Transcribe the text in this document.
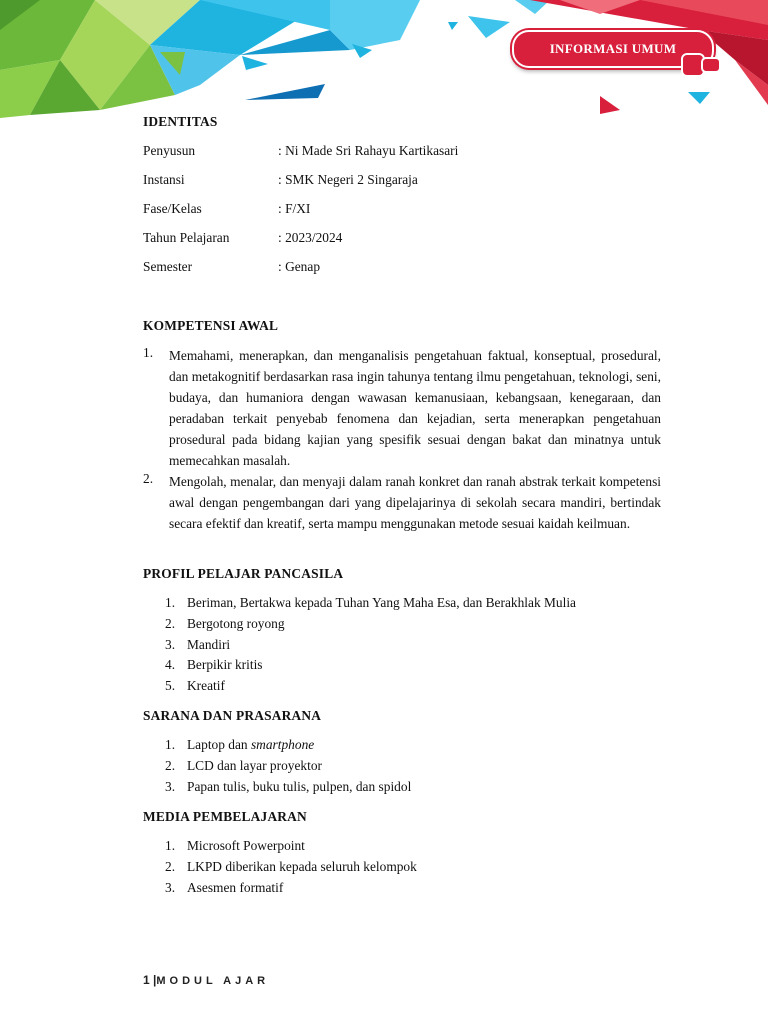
INFORMASI UMUM
IDENTITAS
Penyusun	: Ni Made Sri Rahayu Kartikasari
Instansi	: SMK Negeri 2 Singaraja
Fase/Kelas	: F/XI
Tahun Pelajaran	: 2023/2024
Semester	: Genap
KOMPETENSI AWAL
1. Memahami, menerapkan, dan menganalisis pengetahuan faktual, konseptual, prosedural, dan metakognitif berdasarkan rasa ingin tahunya tentang ilmu pengetahuan, teknologi, seni, budaya, dan humaniora dengan wawasan kemanusiaan, kebangsaan, kenegaraan, dan peradaban terkait penyebab fenomena dan kejadian, serta menerapkan pengetahuan prosedural pada bidang kajian yang spesifik sesuai dengan bakat dan minatnya untuk memecahkan masalah.
2. Mengolah, menalar, dan menyaji dalam ranah konkret dan ranah abstrak terkait kompetensi awal dengan pengembangan dari yang dipelajarinya di sekolah secara mandiri, bertindak secara efektif dan kreatif, serta mampu menggunakan metode sesuai kaidah keilmuan.
PROFIL PELAJAR PANCASILA
1. Beriman, Bertakwa kepada Tuhan Yang Maha Esa, dan Berakhlak Mulia
2. Bergotong royong
3. Mandiri
4. Berpikir kritis
5. Kreatif
SARANA DAN PRASARANA
1. Laptop dan smartphone
2. LCD dan layar proyektor
3. Papan tulis, buku tulis, pulpen, dan spidol
MEDIA PEMBELAJARAN
1. Microsoft Powerpoint
2. LKPD diberikan kepada seluruh kelompok
3. Asesmen formatif
1 |MODUL AJAR
